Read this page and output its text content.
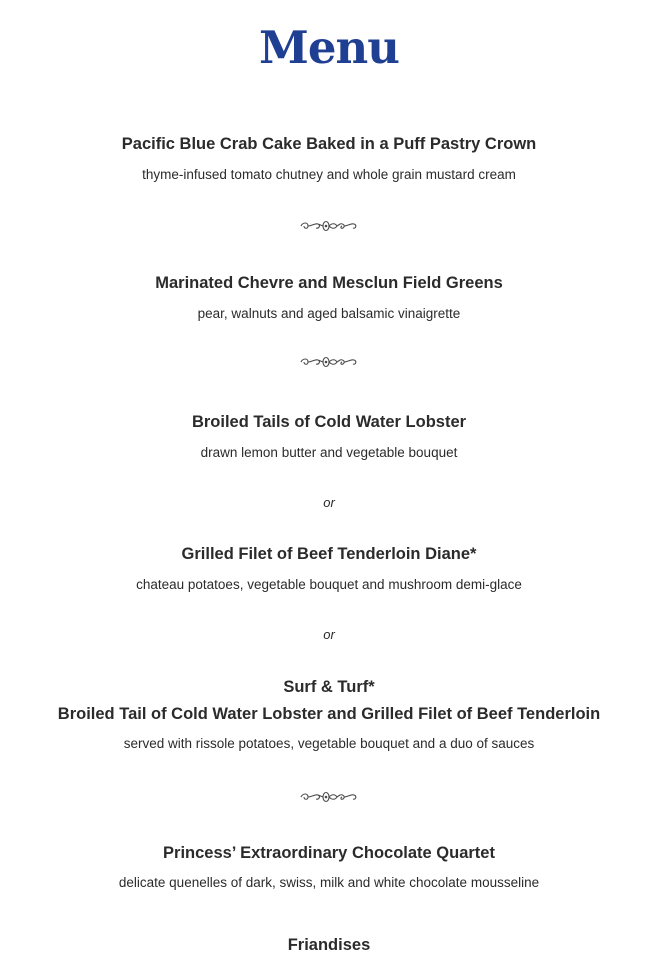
Menu
Pacific Blue Crab Cake Baked in a Puff Pastry Crown
thyme-infused tomato chutney and whole grain mustard cream
Marinated Chevre and Mesclun Field Greens
pear, walnuts and aged balsamic vinaigrette
Broiled Tails of Cold Water Lobster
drawn lemon butter and vegetable bouquet
or
Grilled Filet of Beef Tenderloin Diane*
chateau potatoes, vegetable bouquet and mushroom demi-glace
or
Surf & Turf*
Broiled Tail of Cold Water Lobster and Grilled Filet of Beef Tenderloin
served with rissole potatoes, vegetable bouquet and a duo of sauces
Princess’ Extraordinary Chocolate Quartet
delicate quenelles of dark, swiss, milk and white chocolate mousseline
Friandises
